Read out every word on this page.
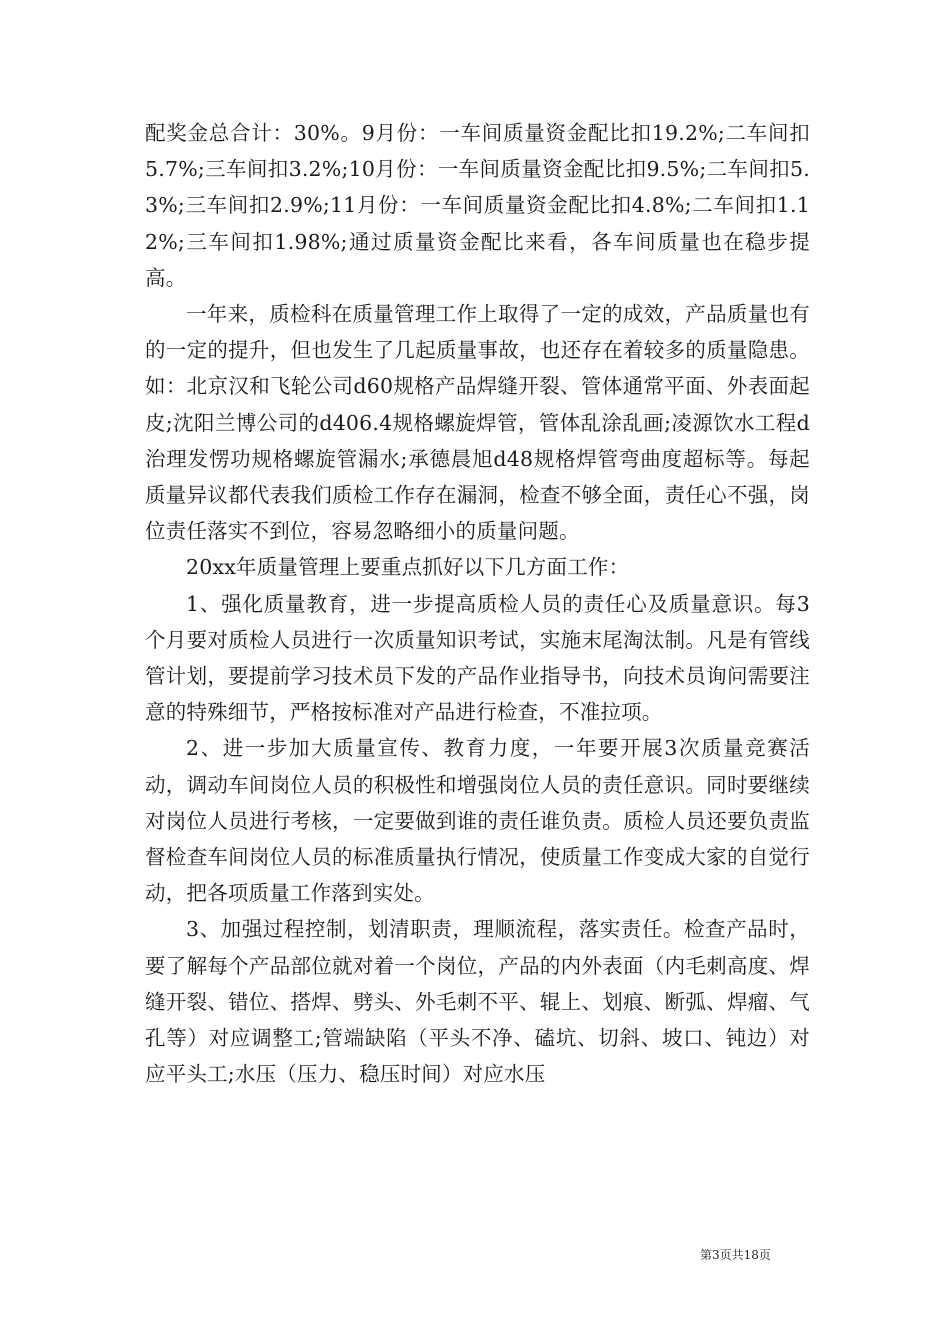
配奖金总合计：30%。9月份：一车间质量资金配比扣19.2%;二车间扣5.7%;三车间扣3.2%;10月份：一车间质量资金配比扣9.5%;二车间扣5.3%;三车间扣2.9%;11月份：一车间质量资金配比扣4.8%;二车间扣1.12%;三车间扣1.98%;通过质量资金配比来看，各车间质量也在稳步提高。

一年来，质检科在质量管理工作上取得了一定的成效，产品质量也有的一定的提升，但也发生了几起质量事故，也还存在着较多的质量隐患。如：北京汉和飞轮公司d60规格产品焊缝开裂、管体通常平面、外表面起皮;沈阳兰博公司的d406.4规格螺旋焊管，管体乱涂乱画;凌源饮水工程d治理发愣功规格螺旋管漏水;承德晨旭d48规格焊管弯曲度超标等。每起质量异议都代表我们质检工作存在漏洞，检查不够全面，责任心不强，岗位责任落实不到位，容易忽略细小的质量问题。

20xx年质量管理上要重点抓好以下几方面工作：

1、强化质量教育，进一步提高质检人员的责任心及质量意识。每3个月要对质检人员进行一次质量知识考试，实施末尾淘汰制。凡是有管线管计划，要提前学习技术员下发的产品作业指导书，向技术员询问需要注意的特殊细节，严格按标准对产品进行检查，不准拉项。

2、进一步加大质量宣传、教育力度，一年要开展3次质量竞赛活动，调动车间岗位人员的积极性和增强岗位人员的责任意识。同时要继续对岗位人员进行考核，一定要做到谁的责任谁负责。质检人员还要负责监督检查车间岗位人员的标准质量执行情况，使质量工作变成大家的自觉行动，把各项质量工作落到实处。

3、加强过程控制，划清职责，理顺流程，落实责任。检查产品时，要了解每个产品部位就对着一个岗位，产品的内外表面（内毛刺高度、焊缝开裂、错位、搭焊、劈头、外毛刺不平、辊上、划痕、断弧、焊瘤、气孔等）对应调整工;管端缺陷（平头不净、磕坑、切斜、坡口、钝边）对应平头工;水压（压力、稳压时间）对应水压

第3页共18页
